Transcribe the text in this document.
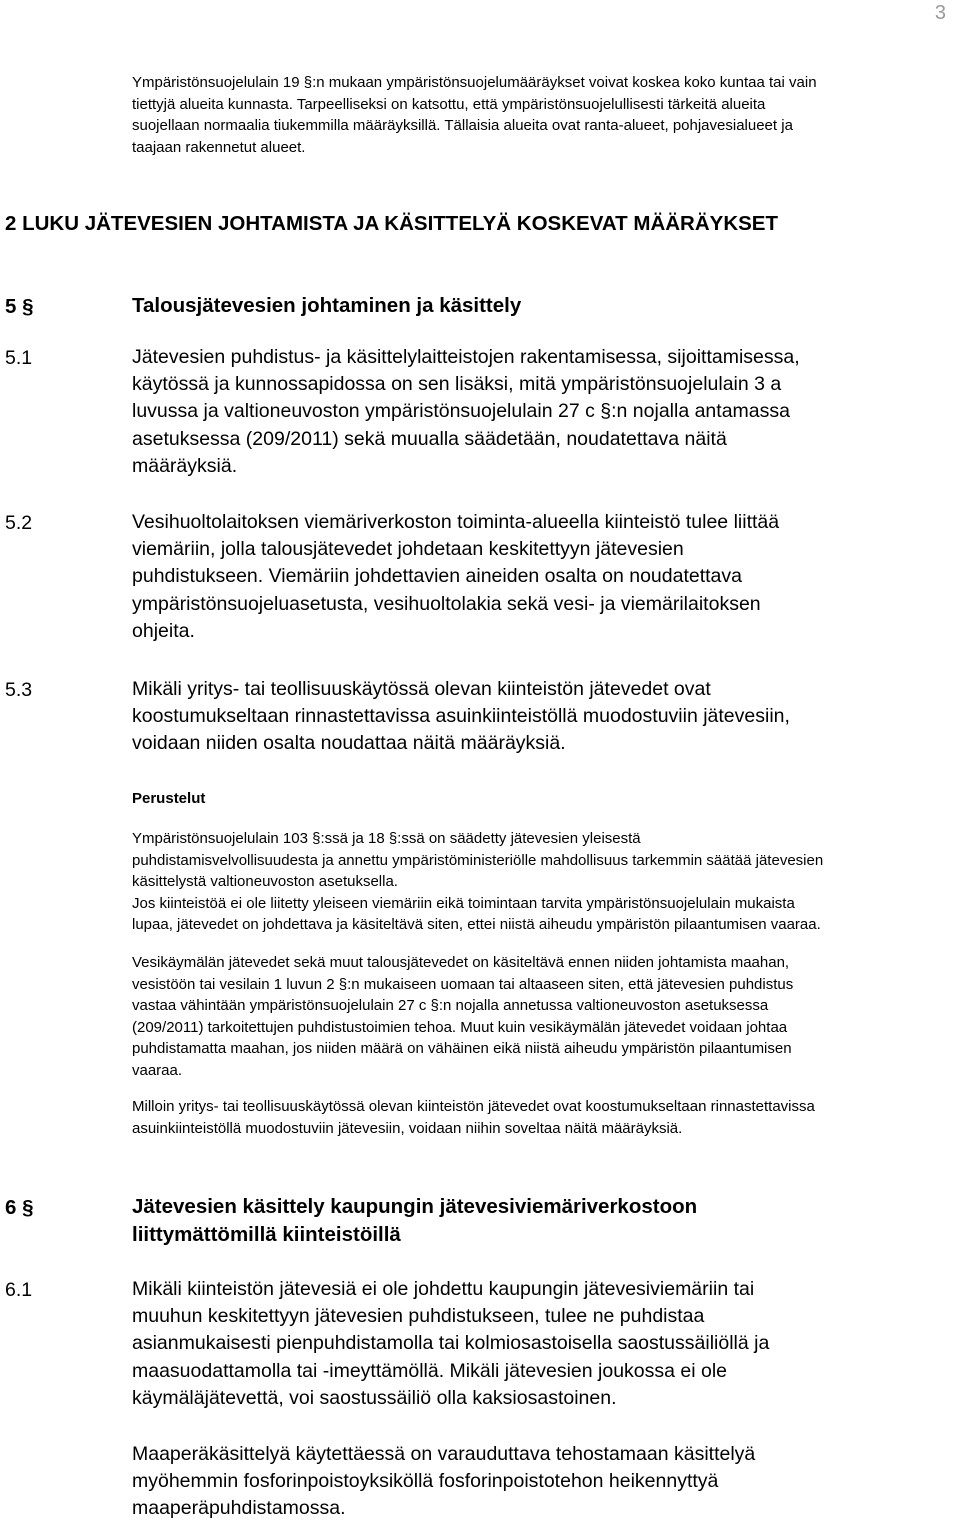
3
Ympäristönsuojelulain 19 §:n mukaan ympäristönsuojelumääräykset voivat koskea koko kuntaa tai vain
tiettyjä alueita kunnasta. Tarpeelliseksi on katsottu, että ympäristönsuojelullisesti tärkeitä alueita
suojellaan normaalia tiukemmilla määräyksillä. Tällaisia alueita ovat ranta-alueet, pohjavesialueet ja
taajaan rakennetut alueet.
2 LUKU JÄTEVESIEN JOHTAMISTA JA KÄSITTELYÄ KOSKEVAT MÄÄRÄYKSET
5 §	Talousjätevesien johtaminen ja käsittely
5.1	Jätevesien puhdistus- ja käsittelylaitteistojen rakentamisessa, sijoittamisessa,
käytössä ja kunnossapidossa on sen lisäksi, mitä ympäristönsuojelulain 3 a
luvussa ja valtioneuvoston ympäristönsuojelulain 27 c §:n nojalla antamassa
asetuksessa (209/2011) sekä muualla säädetään, noudatettava näitä
määräyksiä.
5.2	Vesihuoltolaitoksen viemäriverkoston toiminta-alueella kiinteistö tulee liittää
viemäriin, jolla talousjätevedet johdetaan keskitettyyn jätevesien
puhdistukseen. Viemäriin johdettavien aineiden osalta on noudatettava
ympäristönsuojeluasetusta, vesihuoltolakia sekä vesi- ja viemärilaitoksen
ohjeita.
5.3	Mikäli yritys- tai teollisuuskäytössä olevan kiinteistön jätevedet ovat
koostumukseltaan rinnastettavissa asuinkiinteistöllä muodostuviin jätevesiin,
voidaan niiden osalta noudattaa näitä määräyksiä.
Perustelut
Ympäristönsuojelulain 103 §:ssä ja 18 §:ssä on säädetty jätevesien yleisestä
puhdistamisvelvollisuudesta ja annettu ympäristöministeriölle mahdollisuus tarkemmin säätää jätevesien
käsittelystä valtioneuvoston asetuksella.
Jos kiinteistöä ei ole liitetty yleiseen viemäriin eikä toimintaan tarvita ympäristönsuojelulain mukaista
lupaa, jätevedet on johdettava ja käsiteltävä siten, ettei niistä aiheudu ympäristön pilaantumisen vaaraa.
Vesikäymälän jätevedet sekä muut talousjätevedet on käsiteltävä ennen niiden johtamista maahan,
vesistöön tai vesilain 1 luvun 2 §:n mukaiseen uomaan tai altaaseen siten, että jätevesien puhdistus
vastaa vähintään ympäristönsuojelulain 27 c §:n nojalla annetussa valtioneuvoston asetuksessa
(209/2011) tarkoitettujen puhdistustoimien tehoa. Muut kuin vesikäymälän jätevedet voidaan johtaa
puhdistamatta maahan, jos niiden määrä on vähäinen eikä niistä aiheudu ympäristön pilaantumisen
vaaraa.
Milloin yritys- tai teollisuuskäytössä olevan kiinteistön jätevedet ovat koostumukseltaan rinnastettavissa
asuinkiinteistöllä muodostuviin jätevesiin, voidaan niihin soveltaa näitä määräyksiä.
6 §	Jätevesien käsittely kaupungin jätevesiviemäriverkostoon
liittymättömillä kiinteistöillä
6.1	Mikäli kiinteistön jätevesiä ei ole johdettu kaupungin jätevesiviemäriin tai
muuhun keskitettyyn jätevesien puhdistukseen, tulee ne puhdistaa
asianmukaisesti pienpuhdistamolla tai kolmiosastoisella saostussäiliöllä ja
maasuodattamolla tai -imeyttämöllä. Mikäli jätevesien joukossa ei ole
käymäläjätevettä, voi saostussäiliö olla kaksiosastoinen.
Maaperäkäsittelyä käytettäessä on varauduttava tehostamaan käsittelyä
myöhemmin fosforinpoistoyksiköllä fosforinpoistotehon heikennyttyä
maaperäpuhdistamossa.
